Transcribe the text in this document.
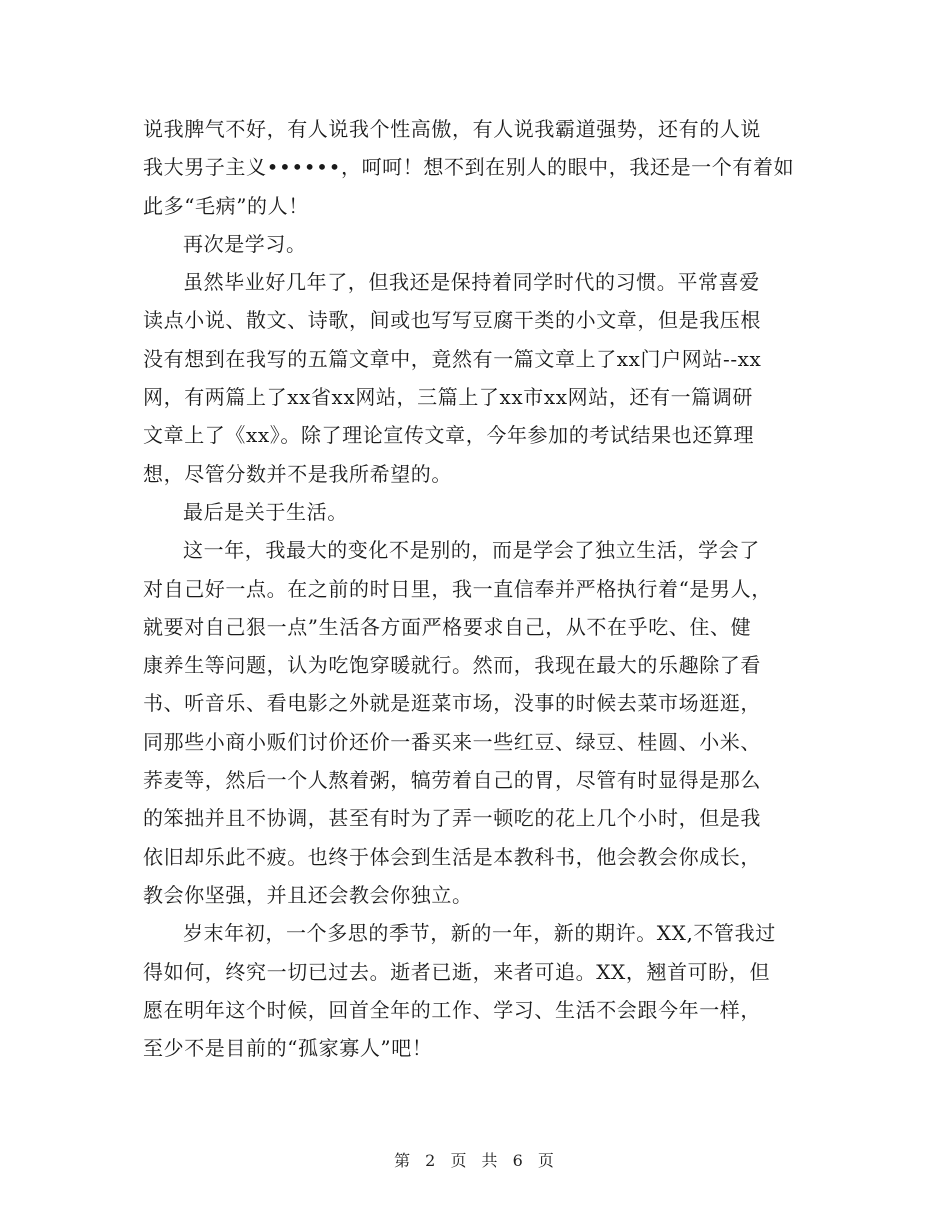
说我脾气不好，有人说我个性高傲，有人说我霸道强势，还有的人说
我大男子主义••••••，呵呵！想不到在别人的眼中，我还是一个有着如
此多“毛病”的人！

再次是学习。

虽然毕业好几年了，但我还是保持着同学时代的习惯。平常喜爱
读点小说、散文、诗歌，间或也写写豆腐干类的小文章，但是我压根
没有想到在我写的五篇文章中，竟然有一篇文章上了xx门户网站--xx
网，有两篇上了xx省xx网站，三篇上了xx市xx网站，还有一篇调研
文章上了《xx》。除了理论宣传文章，今年参加的考试结果也还算理
想，尽管分数并不是我所希望的。

最后是关于生活。

这一年，我最大的变化不是别的，而是学会了独立生活，学会了
对自己好一点。在之前的时日里，我一直信奉并严格执行着“是男人，
就要对自己狠一点”生活各方面严格要求自己，从不在乎吃、住、健
康养生等问题，认为吃饱穿暖就行。然而，我现在最大的乐趣除了看
书、听音乐、看电影之外就是逛菜市场，没事的时候去菜市场逛逛，
同那些小商小贩们讨价还价一番买来一些红豆、绿豆、桂圆、小米、
荞麦等，然后一个人熬着粥，犒劳着自己的胃，尽管有时显得是那么
的笨拙并且不协调，甚至有时为了弄一顿吃的花上几个小时，但是我
依旧却乐此不疲。也终于体会到生活是本教科书，他会教会你成长，
教会你坚强，并且还会教会你独立。

岁末年初，一个多思的季节，新的一年，新的期许。XX,不管我过
得如何，终究一切已过去。逝者已逝，来者可追。XX，翘首可盼，但
愿在明年这个时候，回首全年的工作、学习、生活不会跟今年一样，
至少不是目前的“孤家寡人”吧！

第 2 页 共 6 页
